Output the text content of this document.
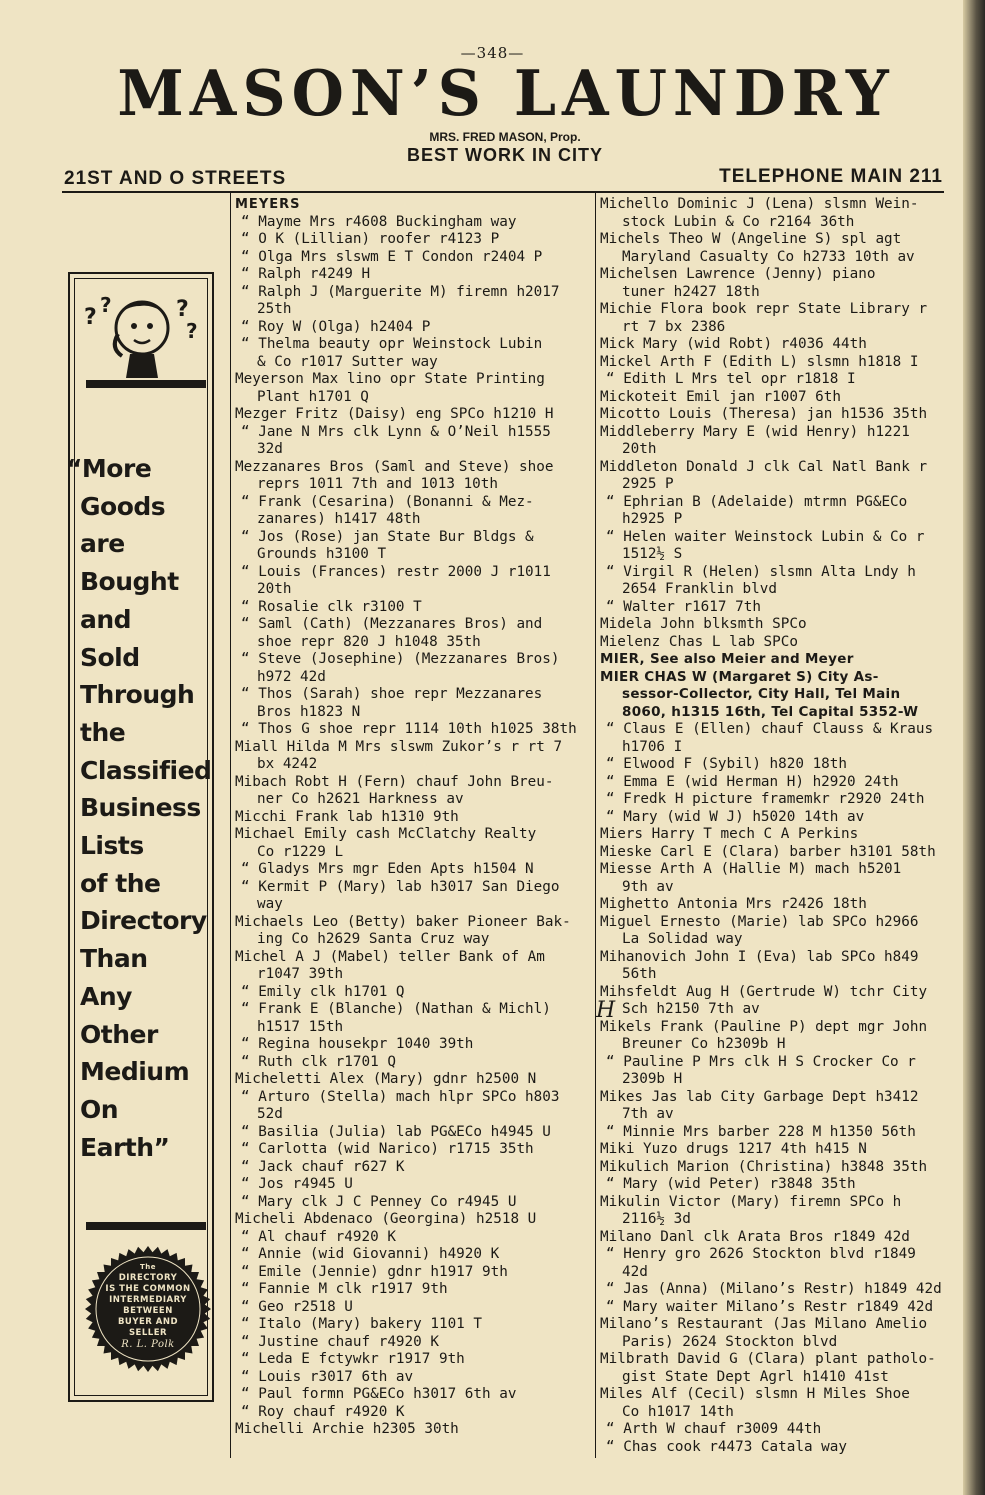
—348—
MASON’S LAUNDRY
MRS. FRED MASON, Prop.
BEST WORK IN CITY
21ST AND O STREETS	TELEPHONE MAIN 211
? ?	?
?
“More
Goods
are
Bought
and
Sold
Through
the
Classified
Business
Lists
of the
Directory
Than
Any
Other
Medium
On
Earth”
The
DIRECTORY
IS THE COMMON
INTERMEDIARY
BETWEEN
BUYER AND SELLER
R. L. Polk
MEYERS
“ Mayme Mrs r4608 Buckingham way
“ O K (Lillian) roofer r4123 P
“ Olga Mrs slswm E T Condon r2404 P
“ Ralph r4249 H
“ Ralph J (Marguerite M) firemn h2017
25th
“ Roy W (Olga) h2404 P
“ Thelma beauty opr Weinstock Lubin
& Co r1017 Sutter way
Meyerson Max lino opr State Printing
Plant h1701 Q
Mezger Fritz (Daisy) eng SPCo h1210 H
“ Jane N Mrs clk Lynn & O’Neil h1555
32d
Mezzanares Bros (Saml and Steve) shoe
reprs 1011 7th and 1013 10th
“ Frank (Cesarina) (Bonanni & Mez-
zanares) h1417 48th
“ Jos (Rose) jan State Bur Bldgs &
Grounds h3100 T
“ Louis (Frances) restr 2000 J r1011
20th
“ Rosalie clk r3100 T
“ Saml (Cath) (Mezzanares Bros) and
shoe repr 820 J h1048 35th
“ Steve (Josephine) (Mezzanares Bros)
h972 42d
“ Thos (Sarah) shoe repr Mezzanares
Bros h1823 N
“ Thos G shoe repr 1114 10th h1025 38th
Miall Hilda M Mrs slswm Zukor’s r rt 7
bx 4242
Mibach Robt H (Fern) chauf John Breu-
ner Co h2621 Harkness av
Micchi Frank lab h1310 9th
Michael Emily cash McClatchy Realty
Co r1229 L
“ Gladys Mrs mgr Eden Apts h1504 N
“ Kermit P (Mary) lab h3017 San Diego
way
Michaels Leo (Betty) baker Pioneer Bak-
ing Co h2629 Santa Cruz way
Michel A J (Mabel) teller Bank of Am
r1047 39th
“ Emily clk h1701 Q
“ Frank E (Blanche) (Nathan & Michl)
h1517 15th
“ Regina housekpr 1040 39th
“ Ruth clk r1701 Q
Micheletti Alex (Mary) gdnr h2500 N
“ Arturo (Stella) mach hlpr SPCo h803
52d
“ Basilia (Julia) lab PG&ECo h4945 U
“ Carlotta (wid Narico) r1715 35th
“ Jack chauf r627 K
“ Jos r4945 U
“ Mary clk J C Penney Co r4945 U
Micheli Abdenaco (Georgina) h2518 U
“ Al chauf r4920 K
“ Annie (wid Giovanni) h4920 K
“ Emile (Jennie) gdnr h1917 9th
“ Fannie M clk r1917 9th
“ Geo r2518 U
“ Italo (Mary) bakery 1101 T
“ Justine chauf r4920 K
“ Leda E fctywkr r1917 9th
“ Louis r3017 6th av
“ Paul formn PG&ECo h3017 6th av
“ Roy chauf r4920 K
Michelli Archie h2305 30th
Michello Dominic J (Lena) slsmn Wein-
stock Lubin & Co r2164 36th
Michels Theo W (Angeline S) spl agt
Maryland Casualty Co h2733 10th av
Michelsen Lawrence (Jenny) piano
tuner h2427 18th
Michie Flora book repr State Library r
rt 7 bx 2386
Mick Mary (wid Robt) r4036 44th
Mickel Arth F (Edith L) slsmn h1818 I
“ Edith L Mrs tel opr r1818 I
Mickoteit Emil jan r1007 6th
Micotto Louis (Theresa) jan h1536 35th
Middleberry Mary E (wid Henry) h1221
20th
Middleton Donald J clk Cal Natl Bank r
2925 P
“ Ephrian B (Adelaide) mtrmn PG&ECo
h2925 P
“ Helen waiter Weinstock Lubin & Co r
1512½ S
“ Virgil R (Helen) slsmn Alta Lndy h
2654 Franklin blvd
“ Walter r1617 7th
Midela John blksmth SPCo
Mielenz Chas L lab SPCo
MIER, See also Meier and Meyer
MIER CHAS W (Margaret S) City As-
sessor-Collector, City Hall, Tel Main
8060, h1315 16th, Tel Capital 5352-W
“ Claus E (Ellen) chauf Clauss & Kraus
h1706 I
“ Elwood F (Sybil) h820 18th
“ Emma E (wid Herman H) h2920 24th
“ Fredk H picture framemkr r2920 24th
“ Mary (wid W J) h5020 14th av
Miers Harry T mech C A Perkins
Mieske Carl E (Clara) barber h3101 58th
Miesse Arth A (Hallie M) mach h5201
9th av
Mighetto Antonia Mrs r2426 18th
Miguel Ernesto (Marie) lab SPCo h2966
La Solidad way
Mihanovich John I (Eva) lab SPCo h849
56th
Mihsfeldt Aug H (Gertrude W) tchr City
Sch h2150 7th av
Mikels Frank (Pauline P) dept mgr John
Breuner Co h2309b H
“ Pauline P Mrs clk H S Crocker Co r
2309b H
Mikes Jas lab City Garbage Dept h3412
7th av
“ Minnie Mrs barber 228 M h1350 56th
Miki Yuzo drugs 1217 4th h415 N
Mikulich Marion (Christina) h3848 35th
“ Mary (wid Peter) r3848 35th
Mikulin Victor (Mary) firemn SPCo h
2116½ 3d
Milano Danl clk Arata Bros r1849 42d
“ Henry gro 2626 Stockton blvd r1849
42d
“ Jas (Anna) (Milano’s Restr) h1849 42d
“ Mary waiter Milano’s Restr r1849 42d
Milano’s Restaurant (Jas Milano Amelio
Paris) 2624 Stockton blvd
Milbrath David G (Clara) plant patholo-
gist State Dept Agrl h1410 41st
Miles Alf (Cecil) slsmn H Miles Shoe
Co h1017 14th
“ Arth W chauf r3009 44th
“ Chas cook r4473 Catala way
H
